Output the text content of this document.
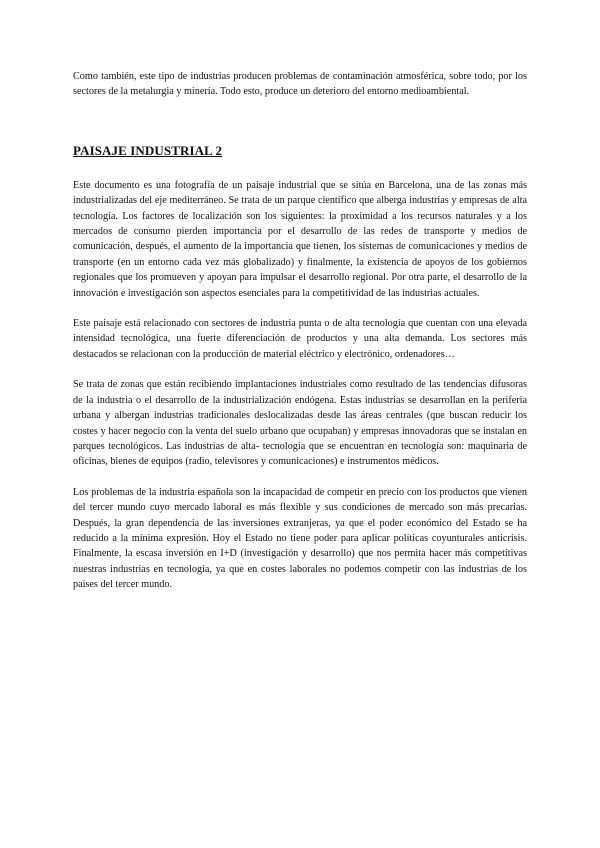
Como también, este tipo de industrias producen problemas de contaminación atmosférica, sobre todo, por los sectores de la metalurgia y minería. Todo esto, produce un deterioro del entorno medioambiental.

PAISAJE INDUSTRIAL 2

Este documento es una fotografía de un paisaje industrial que se sitúa en Barcelona, una de las zonas más industrializadas del eje mediterráneo. Se trata de un parque científico que alberga industrias y empresas de alta tecnología. Los factores de localización son los siguientes: la proximidad a los recursos naturales y a los mercados de consumo pierden importancia por el desarrollo de las redes de transporte y medios de comunicación, después, el aumento de la importancia que tienen, los sistemas de comunicaciones y medios de transporte (en un entorno cada vez más globalizado) y finalmente, la existencia de apoyos de los gobiernos regionales que los promueven y apoyan para impulsar el desarrollo regional. Por otra parte, el desarrollo de la innovación e investigación son aspectos esenciales para la competitividad de las industrias actuales.

Este paisaje está relacionado con sectores de industria punta o de alta tecnología que cuentan con una elevada intensidad tecnológica, una fuerte diferenciación de productos y una alta demanda. Los sectores más destacados se relacionan con la producción de material eléctrico y electrónico, ordenadores…

Se trata de zonas que están recibiendo implantaciones industriales como resultado de las tendencias difusoras de la industria o el desarrollo de la industrialización endógena. Estas industrias se desarrollan en la periferia urbana y albergan industrias tradicionales deslocalizadas desde las áreas centrales (que buscan reducir los costes y hacer negocio con la venta del suelo urbano que ocupaban) y empresas innovadoras que se instalan en parques tecnológicos. Las industrias de alta- tecnología que se encuentran en tecnología son: maquinaria de oficinas, bienes de equipos (radio, televisores y comunicaciones) e instrumentos médicos.

Los problemas de la industria española son la incapacidad de competir en precio con los productos que vienen del tercer mundo cuyo mercado laboral es más flexible y sus condiciones de mercado son más precarias. Después, la gran dependencia de las inversiones extranjeras, ya que el poder económico del Estado se ha reducido a la mínima expresión. Hoy el Estado no tiene poder para aplicar políticas coyunturales anticrisis. Finalmente, la escasa inversión en I+D (investigación y desarrollo) que nos permita hacer más competitivas nuestras industrias en tecnología, ya que en costes laborales no podemos competir con las industrias de los países del tercer mundo.
